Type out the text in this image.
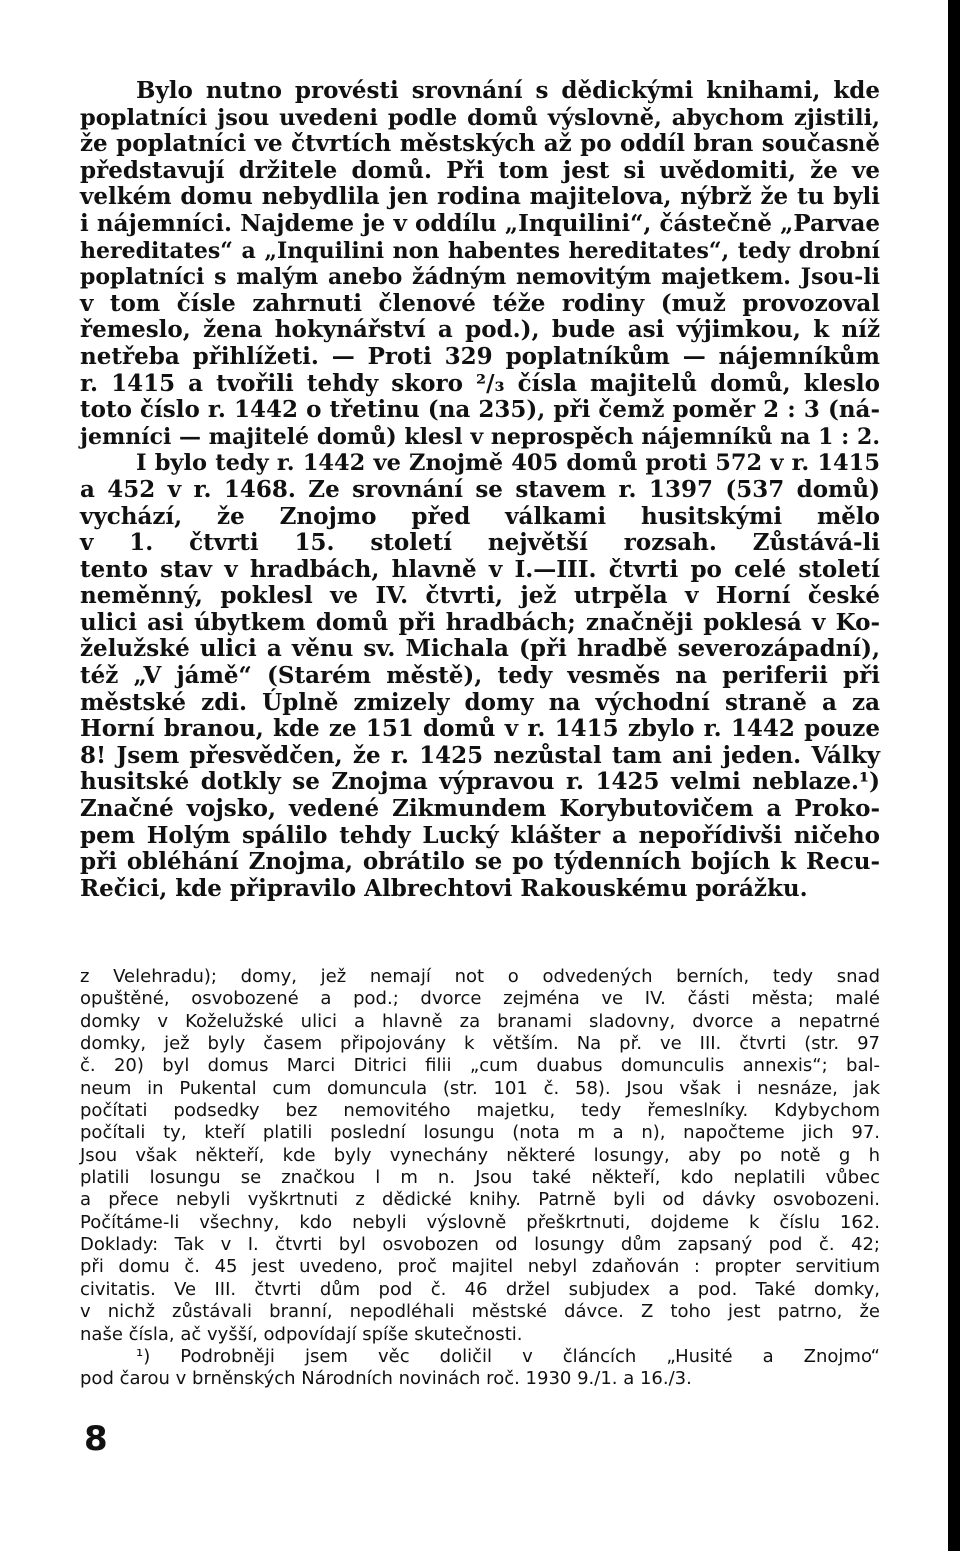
Bylo nutno provésti srovnání s dědickými knihami, kde
poplatníci jsou uvedeni podle domů výslovně, abychom zjistili,
že poplatníci ve čtvrtích městských až po oddíl bran současně
představují držitele domů. Při tom jest si uvědomiti, že ve
velkém domu nebydlila jen rodina majitelova, nýbrž že tu byli
i nájemníci. Najdeme je v oddílu „Inquilini“, částečně „Parvae
hereditates“ a „Inquilini non habentes hereditates“, tedy drobní
poplatníci s malým anebo žádným nemovitým majetkem. Jsou-li
v tom čísle zahrnuti členové téže rodiny (muž provozoval
řemeslo, žena hokynářství a pod.), bude asi výjimkou, k níž
netřeba přihlížeti. — Proti 329 poplatníkům — nájemníkům
r. 1415 a tvořili tehdy skoro ²/₃ čísla majitelů domů, kleslo
toto číslo r. 1442 o třetinu (na 235), při čemž poměr 2 : 3 (ná-
jemníci — majitelé domů) klesl v neprospěch nájemníků na 1 : 2.
I bylo tedy r. 1442 ve Znojmě 405 domů proti 572 v r. 1415
a 452 v r. 1468. Ze srovnání se stavem r. 1397 (537 domů)
vychází, že Znojmo před válkami husitskými mělo
v 1. čtvrti 15. století největší rozsah. Zůstává-li
tento stav v hradbách, hlavně v I.—III. čtvrti po celé století
neměnný, poklesl ve IV. čtvrti, jež utrpěla v Horní české
ulici asi úbytkem domů při hradbách; značněji poklesá v Ko-
želužské ulici a věnu sv. Michala (při hradbě severozápadní),
též „V jámě“ (Starém městě), tedy vesměs na periferii při
městské zdi. Úplně zmizely domy na východní straně a za
Horní branou, kde ze 151 domů v r. 1415 zbylo r. 1442 pouze
8! Jsem přesvědčen, že r. 1425 nezůstal tam ani jeden. Války
husitské dotkly se Znojma výpravou r. 1425 velmi neblaze.¹)
Značné vojsko, vedené Zikmundem Korybutovičem a Proko-
pem Holým spálilo tehdy Lucký klášter a nepořídivši ničeho
při obléhání Znojma, obrátilo se po týdenních bojích k Recu-
Rečici, kde připravilo Albrechtovi Rakouskému porážku.
z Velehradu); domy, jež nemají not o odvedených berních, tedy snad
opuštěné, osvobozené a pod.; dvorce zejména ve IV. části města; malé
domky v Koželužské ulici a hlavně za branami sladovny, dvorce a nepatrné
domky, jež byly časem připojovány k větším. Na př. ve III. čtvrti (str. 97
č. 20) byl domus Marci Ditrici filii „cum duabus domunculis annexis“; bal-
neum in Pukental cum domuncula (str. 101 č. 58). Jsou však i nesnáze, jak
počítati podsedky bez nemovitého majetku, tedy řemeslníky. Kdybychom
počítali ty, kteří platili poslední losungu (nota m a n), napočteme jich 97.
Jsou však někteří, kde byly vynechány některé losungy, aby po notě g h
platili losungu se značkou l m n. Jsou také někteří, kdo neplatili vůbec
a přece nebyli vyškrtnuti z dědické knihy. Patrně byli od dávky osvobozeni.
Počítáme-li všechny, kdo nebyli výslovně přeškrtnuti, dojdeme k číslu 162.
Doklady: Tak v I. čtvrti byl osvobozen od losungy dům zapsaný pod č. 42;
při domu č. 45 jest uvedeno, proč majitel nebyl zdaňován : propter servitium
civitatis. Ve III. čtvrti dům pod č. 46 držel subjudex a pod. Také domky,
v nichž zůstávali branní, nepodléhali městské dávce. Z toho jest patrno, že
naše čísla, ač vyšší, odpovídají spíše skutečnosti.
¹) Podrobněji jsem věc doličil v článcích „Husité a Znojmo“
pod čarou v brněnských Národních novinách roč. 1930 9./1. a 16./3.
8
